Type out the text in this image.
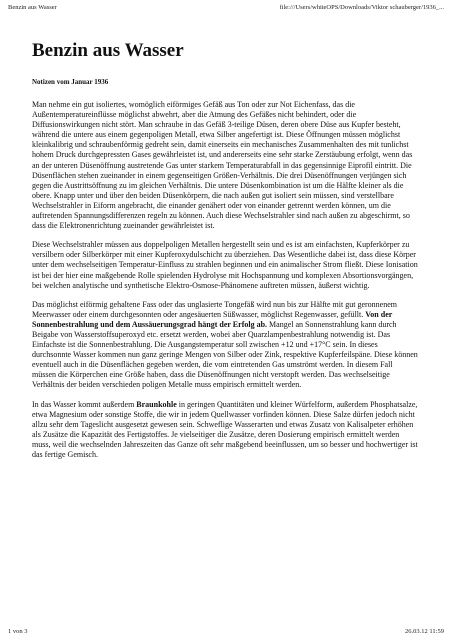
Benzin aus Wasser	file:///Users/whiteOPS/Downloads/Viktor schauberger/1936_...
Benzin aus Wasser
Notizen vom Januar 1936

Man nehme ein gut isoliertes, womöglich eiförmiges Gefäß aus Ton oder zur Not Eichenfass, das die Außentemperatureinflüsse möglichst abwehrt, aber die Atmung des Gefäßes nicht behindert, oder die Diffusionswirkungen nicht stört. Man schraube in das Gefäß 3-teilige Düsen, deren obere Düse aus Kupfer besteht, während die untere aus einem gegenpoligen Metall, etwa Silber angefertigt ist. Diese Öffnungen müssen möglichst kleinkalibrig und schraubenförmig gedreht sein, damit einerseits ein mechanisches Zusammenhalten des mit tunlichst hohem Druck durchgepressten Gases gewährleistet ist, und andererseits eine sehr starke Zerstäubung erfolgt, wenn das an der unteren Düsenöffnung austretende Gas unter starkem Temperaturabfall in das gegensinnige Eiprofil eintritt. Die Düsenflächen stehen zueinander in einem gegenseitigen Größen-Verhältnis. Die drei Düsenöffnungen verjüngen sich gegen die Austrittsöffnung zu im gleichen Verhältnis. Die untere Düsenkombination ist um die Hälfte kleiner als die obere. Knapp unter und über den beiden Düsenkörpern, die nach außen gut isoliert sein müssen, sind verstellbare Wechselstrahler in Eiform angebracht, die einander genähert oder von einander getrennt werden können, um die auftretenden Spannungsdifferenzen regeln zu können. Auch diese Wechselstrahler sind nach außen zu abgeschirmt, so dass die Elektronenrichtung zueinander gewährleistet ist.

Diese Wechselstrahler müssen aus doppelpoligen Metallen hergestellt sein und es ist am einfachsten, Kupferkörper zu versilbern oder Silberkörper mit einer Kupferoxydulschicht zu überziehen. Das Wesentliche dabei ist, dass diese Körper unter dem wechselseitigen Temperatur-Einfluss zu strahlen beginnen und ein animalischer Strom fließt. Diese Ionisation ist bei der hier eine maßgebende Rolle spielenden Hydrolyse mit Hochspannung und komplexen Absortionsvorgängen, bei welchen analytische und synthetische Elektro-Osmose-Phänomene auftreten müssen, äußerst wichtig.

Das möglichst eiförmig gehaltene Fass oder das unglasierte Tongefäß wird nun bis zur Hälfte mit gut geronnenem Meerwasser oder einem durchgesonnten oder angesäuerten Süßwasser, möglichst Regenwasser, gefüllt. Von der Sonnenbestrahlung und dem Aussäuerungsgrad hängt der Erfolg ab. Mangel an Sonnenstrahlung kann durch Beigabe von Wasserstoffsuperoxyd etc. ersetzt werden, wobei aber Quarzlampenbestrahlung notwendig ist. Das Einfachste ist die Sonnenbestrahlung. Die Ausgangstemperatur soll zwischen +12 und +17°C sein. In dieses durchsonnte Wasser kommen nun ganz geringe Mengen von Silber oder Zink, respektive Kupferfeilspäne. Diese können eventuell auch in die Düsenflächen gegeben werden, die vom eintretenden Gas umströmt werden. In diesem Fall müssen die Körperchen eine Größe haben, dass die Düsenöffnungen nicht verstopft werden. Das wechselseitige Verhältnis der beiden verschieden poligen Metalle muss empirisch ermittelt werden.

In das Wasser kommt außerdem Braunkohle in geringen Quantitäten und kleiner Würfelform, außerdem Phosphatsalze, etwa Magnesium oder sonstige Stoffe, die wir in jedem Quellwasser vorfinden können. Diese Salze dürfen jedoch nicht allzu sehr dem Tageslicht ausgesetzt gewesen sein. Schweflige Wasserarten und etwas Zusatz von Kalisalpeter erhöhen als Zusätze die Kapazität des Fertigstoffes. Je vielseitiger die Zusätze, deren Dosierung empirisch ermittelt werden muss, weil die wechselnden Jahreszeiten das Ganze oft sehr maßgebend beeinflussen, um so besser und hochwertiger ist das fertige Gemisch.

1 von 3	26.03.12 11:59
